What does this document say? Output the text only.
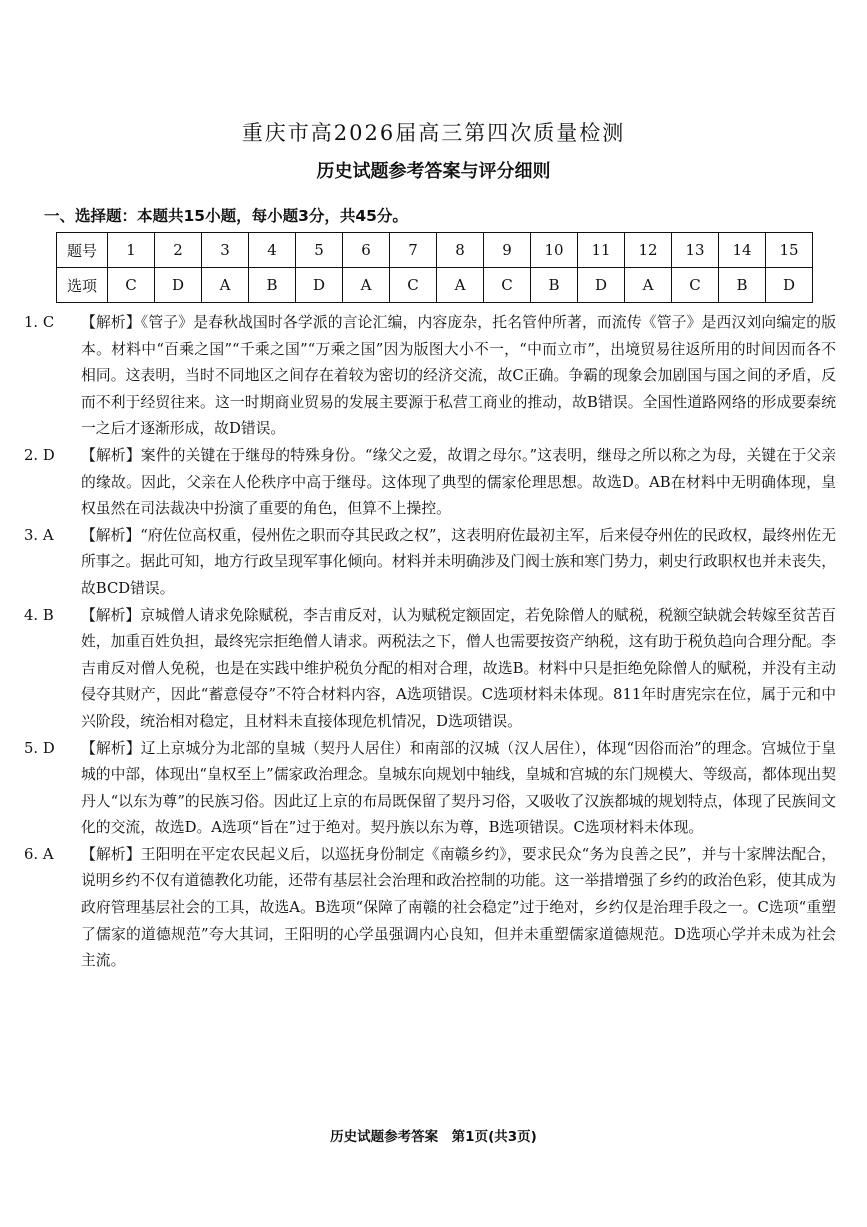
重庆市高2026届高三第四次质量检测
历史试题参考答案与评分细则
一、选择题：本题共15小题，每小题3分，共45分。
题号	1	2	3	4	5	6	7	8	9	10	11	12	13	14	15
选项	C	D	A	B	D	A	C	A	C	B	D	A	C	B	D
1. C	【解析】《管子》是春秋战国时各学派的言论汇编，内容庞杂，托名管仲所著，而流传《管子》是西汉刘向编定的版本。材料中“百乘之国”“千乘之国”“万乘之国”因为版图大小不一，“中而立市”，出境贸易往返所用的时间因而各不相同。这表明，当时不同地区之间存在着较为密切的经济交流，故C正确。争霸的现象会加剧国与国之间的矛盾，反而不利于经贸往来。这一时期商业贸易的发展主要源于私营工商业的推动，故B错误。全国性道路网络的形成要秦统一之后才逐渐形成，故D错误。
2. D	【解析】案件的关键在于继母的特殊身份。“缘父之爱，故谓之母尔。”这表明，继母之所以称之为母，关键在于父亲的缘故。因此，父亲在人伦秩序中高于继母。这体现了典型的儒家伦理思想。故选D。AB在材料中无明确体现，皇权虽然在司法裁决中扮演了重要的角色，但算不上操控。
3. A	【解析】“府佐位高权重，侵州佐之职而夺其民政之权”，这表明府佐最初主军，后来侵夺州佐的民政权，最终州佐无所事之。据此可知，地方行政呈现军事化倾向。材料并未明确涉及门阀士族和寒门势力，刺史行政职权也并未丧失，故BCD错误。
4. B	【解析】京城僧人请求免除赋税，李吉甫反对，认为赋税定额固定，若免除僧人的赋税，税额空缺就会转嫁至贫苦百姓，加重百姓负担，最终宪宗拒绝僧人请求。两税法之下，僧人也需要按资产纳税，这有助于税负趋向合理分配。李吉甫反对僧人免税，也是在实践中维护税负分配的相对合理，故选B。材料中只是拒绝免除僧人的赋税，并没有主动侵夺其财产，因此“蓄意侵夺”不符合材料内容，A选项错误。C选项材料未体现。811年时唐宪宗在位，属于元和中兴阶段，统治相对稳定，且材料未直接体现危机情况，D选项错误。
5. D	【解析】辽上京城分为北部的皇城（契丹人居住）和南部的汉城（汉人居住），体现“因俗而治”的理念。宫城位于皇城的中部，体现出“皇权至上”儒家政治理念。皇城东向规划中轴线，皇城和宫城的东门规模大、等级高，都体现出契丹人“以东为尊”的民族习俗。因此辽上京的布局既保留了契丹习俗，又吸收了汉族都城的规划特点，体现了民族间文化的交流，故选D。A选项“旨在”过于绝对。契丹族以东为尊，B选项错误。C选项材料未体现。
6. A	【解析】王阳明在平定农民起义后，以巡抚身份制定《南赣乡约》，要求民众“务为良善之民”，并与十家牌法配合，说明乡约不仅有道德教化功能，还带有基层社会治理和政治控制的功能。这一举措增强了乡约的政治色彩，使其成为政府管理基层社会的工具，故选A。B选项“保障了南赣的社会稳定”过于绝对，乡约仅是治理手段之一。C选项“重塑了儒家的道德规范”夸大其词，王阳明的心学虽强调内心良知，但并未重塑儒家道德规范。D选项心学并未成为社会主流。
历史试题参考答案　第1页(共3页)
